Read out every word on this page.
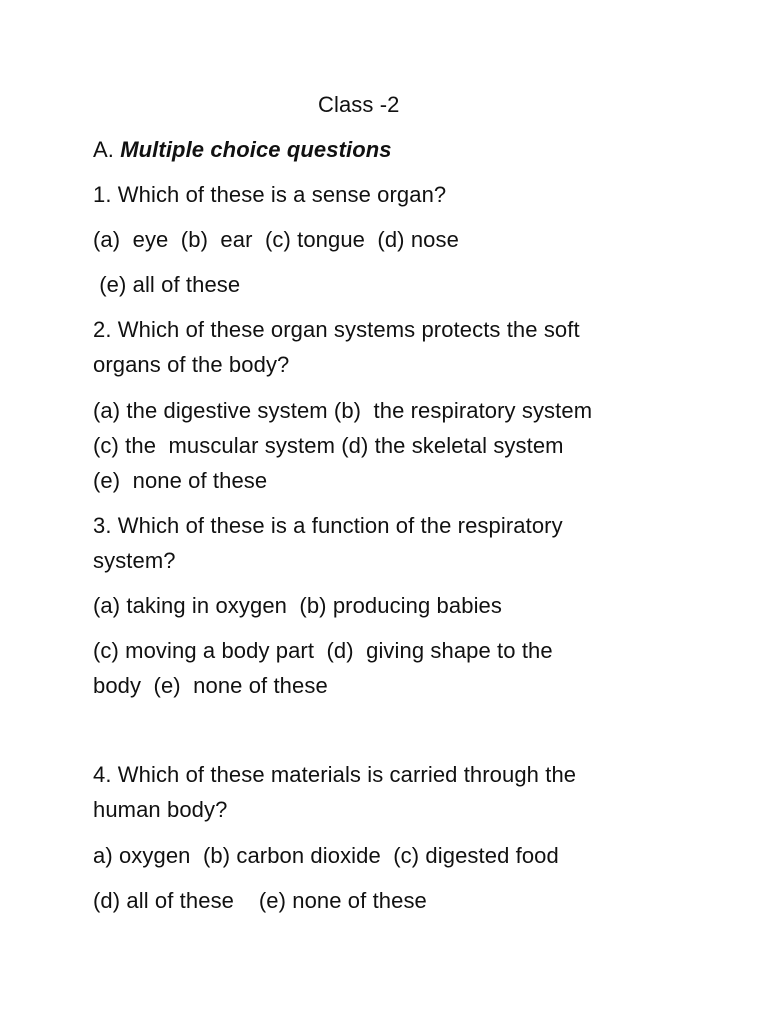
Class -2
A. Multiple choice questions
1. Which of these is a sense organ?
(a)  eye  (b)  ear  (c) tongue  (d) nose
(e) all of these
2. Which of these organ systems protects the soft
organs of the body?
(a) the digestive system (b)  the respiratory system
(c) the  muscular system (d) the skeletal system
(e)  none of these
3. Which of these is a function of the respiratory
system?
(a) taking in oxygen  (b) producing babies
(c) moving a body part  (d)  giving shape to the
body  (e)  none of these
4. Which of these materials is carried through the
human body?
a) oxygen  (b) carbon dioxide  (c) digested food
(d) all of these    (e) none of these
